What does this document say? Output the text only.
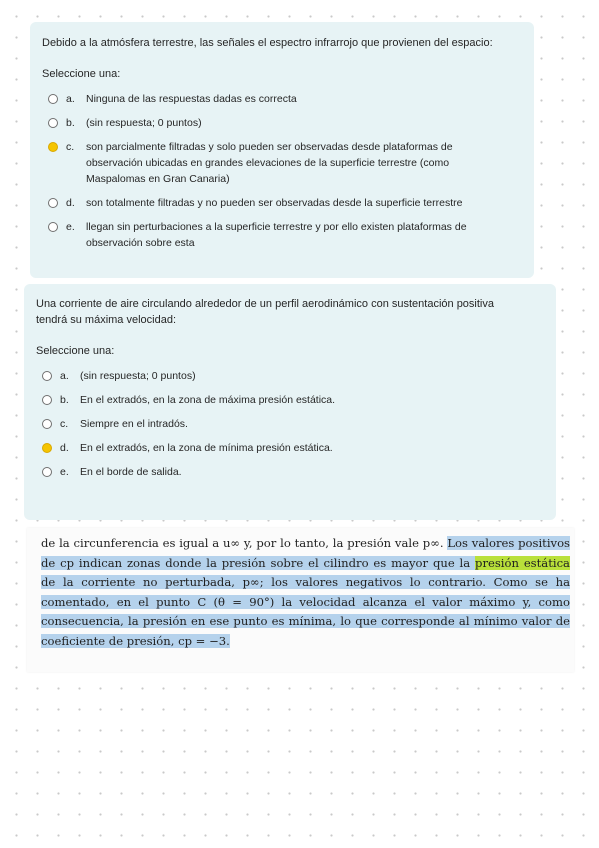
Debido a la atmósfera terrestre, las señales el espectro infrarrojo que provienen del espacio:

Seleccione una:

a.	Ninguna de las respuestas dadas es correcta
b.	(sin respuesta; 0 puntos)
c.	son parcialmente filtradas y solo pueden ser observadas desde plataformas de observación ubicadas en grandes elevaciones de la superficie terrestre (como Maspalomas en Gran Canaria)
d.	son totalmente filtradas y no pueden ser observadas desde la superficie terrestre
e.	llegan sin perturbaciones a la superficie terrestre y por ello existen plataformas de observación sobre esta

Una corriente de aire circulando alrededor de un perfil aerodinámico con sustentación positiva tendrá su máxima velocidad:

Seleccione una:

a.	(sin respuesta; 0 puntos)
b.	En el extradós, en la zona de máxima presión estática.
c.	Siempre en el intradós.
d.	En el extradós, en la zona de mínima presión estática.
e.	En el borde de salida.
de la circunferencia es igual a u∞ y, por lo tanto, la presión vale p∞. Los valores positivos de cp indican zonas donde la presión sobre el cilindro es mayor que la presión estática de la corriente no perturbada, p∞; los valores negativos lo contrario. Como se ha comentado, en el punto C (θ = 90°) la velocidad alcanza el valor máximo y, como consecuencia, la presión en ese punto es mínima, lo que corresponde al mínimo valor de coeficiente de presión, cp = −3.
